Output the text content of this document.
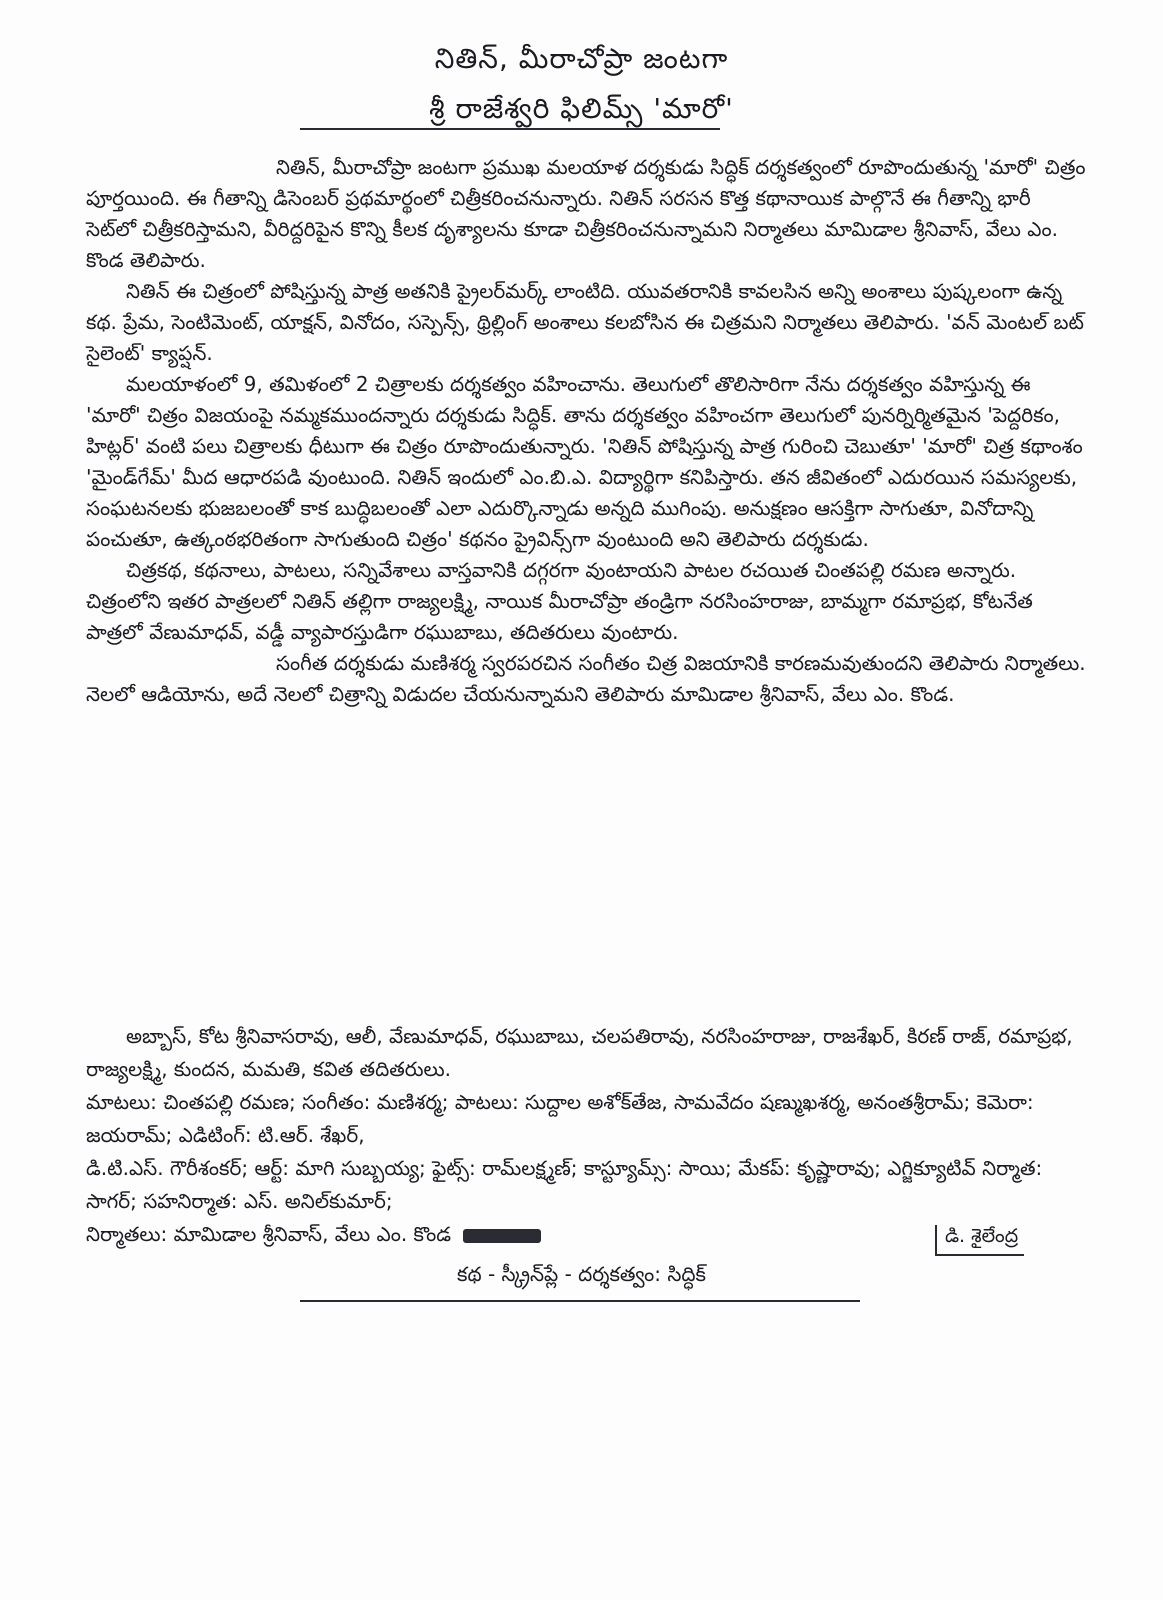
నితిన్, మీరాచోప్రా జంటగా
శ్రీ రాజేశ్వరి ఫిలిమ్స్ 'మారో'

నితిన్, మీరాచోప్రా జంటగా ప్రముఖ మలయాళ దర్శకుడు సిద్ధిక్ దర్శకత్వంలో రూపొందుతున్న 'మారో' చిత్రం పూర్తయింది. ఈ గీతాన్ని డిసెంబర్ ప్రథమార్థంలో చిత్రీకరించనున్నారు. నితిన్ సరసన కొత్త కథానాయిక పాల్గొనే ఈ గీతాన్ని భారీ సెట్‌లో చిత్రీకరిస్తామని, వీరిద్దరిపైన కొన్ని కీలక దృశ్యాలను కూడా చిత్రీకరించనున్నామని నిర్మాతలు మామిడాల శ్రీనివాస్, వేలు ఎం. కొండ తెలిపారు.

నితిన్ ఈ చిత్రంలో పోషిస్తున్న పాత్ర అతనికి ప్రైలర్‌మర్క్ లాంటిది. యువతరానికి కావలసిన అన్ని అంశాలు పుష్కలంగా ఉన్న కథ. ప్రేమ, సెంటిమెంట్, యాక్షన్, వినోదం, సస్పెన్స్, థ్రిల్లింగ్ అంశాలు కలబోసిన ఈ చిత్రమని నిర్మాతలు తెలిపారు. 'వన్ మెంటల్ బట్ సైలెంట్' క్యాప్షన్.

మలయాళంలో 9, తమిళంలో 2 చిత్రాలకు దర్శకత్వం వహించాను. తెలుగులో తొలిసారిగా నేను దర్శకత్వం వహిస్తున్న ఈ 'మారో' చిత్రం విజయంపై నమ్మకముందన్నారు దర్శకుడు సిద్ధిక్. తాను దర్శకత్వం వహించగా తెలుగులో పునర్నిర్మితమైన 'పెద్దరికం, హిట్లర్' వంటి పలు చిత్రాలకు ధీటుగా ఈ చిత్రం రూపొందుతున్నారు. 'నితిన్ పోషిస్తున్న పాత్ర గురించి చెబుతూ' 'మారో' చిత్ర కథాంశం 'మైండ్‌గేమ్' మీద ఆధారపడి వుంటుంది. నితిన్ ఇందులో ఎం.బి.ఎ. విద్యార్థిగా కనిపిస్తారు. తన జీవితంలో ఎదురయిన సమస్యలకు, సంఘటనలకు భుజబలంతో కాక బుద్ధిబలంతో ఎలా ఎదుర్కొన్నాడు అన్నది ముగింపు. అనుక్షణం ఆసక్తిగా సాగుతూ, వినోదాన్ని పంచుతూ, ఉత్కంఠభరితంగా సాగుతుంది చిత్రం' కథనం ప్రైవిన్స్‌గా వుంటుంది అని తెలిపారు దర్శకుడు.

చిత్రకథ, కథనాలు, పాటలు, సన్నివేశాలు వాస్తవానికి దగ్గరగా వుంటాయని పాటల రచయిత చింతపల్లి రమణ అన్నారు. చిత్రంలోని ఇతర పాత్రలలో నితిన్ తల్లిగా రాజ్యలక్ష్మి, నాయిక మీరాచోప్రా తండ్రిగా నరసింహరాజు, బామ్మగా రమాప్రభ, కోటనేత పాత్రలో వేణుమాధవ్, వడ్డీ వ్యాపారస్తుడిగా రఘుబాబు, తదితరులు వుంటారు.

సంగీత దర్శకుడు మణిశర్మ స్వరపరచిన సంగీతం చిత్ర విజయానికి కారణమవుతుందని తెలిపారు నిర్మాతలు. నెలలో ఆడియోను, అదే నెలలో చిత్రాన్ని విడుదల చేయనున్నామని తెలిపారు మామిడాల శ్రీనివాస్, వేలు ఎం. కొండ.

అబ్బాస్, కోట శ్రీనివాసరావు, ఆలీ, వేణుమాధవ్, రఘుబాబు, చలపతిరావు, నరసింహరాజు, రాజశేఖర్, కిరణ్ రాజ్, రమాప్రభ, రాజ్యలక్ష్మి, కుందన, మమతి, కవిత తదితరులు.
మాటలు: చింతపల్లి రమణ; సంగీతం: మణిశర్మ; పాటలు: సుద్దాల అశోక్‌తేజ, సామవేదం షణ్ముఖశర్మ, అనంతశ్రీరామ్; కెమెరా: జయరామ్; ఎడిటింగ్: టి.ఆర్. శేఖర్,
డి.టి.ఎస్. గౌరీశంకర్; ఆర్ట్: మాగి సుబ్బయ్య; ఫైట్స్: రామ్‌లక్ష్మణ్; కాస్ట్యూమ్స్: సాయి; మేకప్: కృష్ణారావు; ఎగ్జిక్యూటివ్ నిర్మాత: సాగర్; సహనిర్మాత: ఎస్. అనిల్‌కుమార్;
నిర్మాతలు: మామిడాల శ్రీనివాస్, వేలు ఎం. కొండ	డి. శైలేంద్ర
కథ - స్క్రీన్‌ప్లే - దర్శకత్వం: సిద్ధిక్
